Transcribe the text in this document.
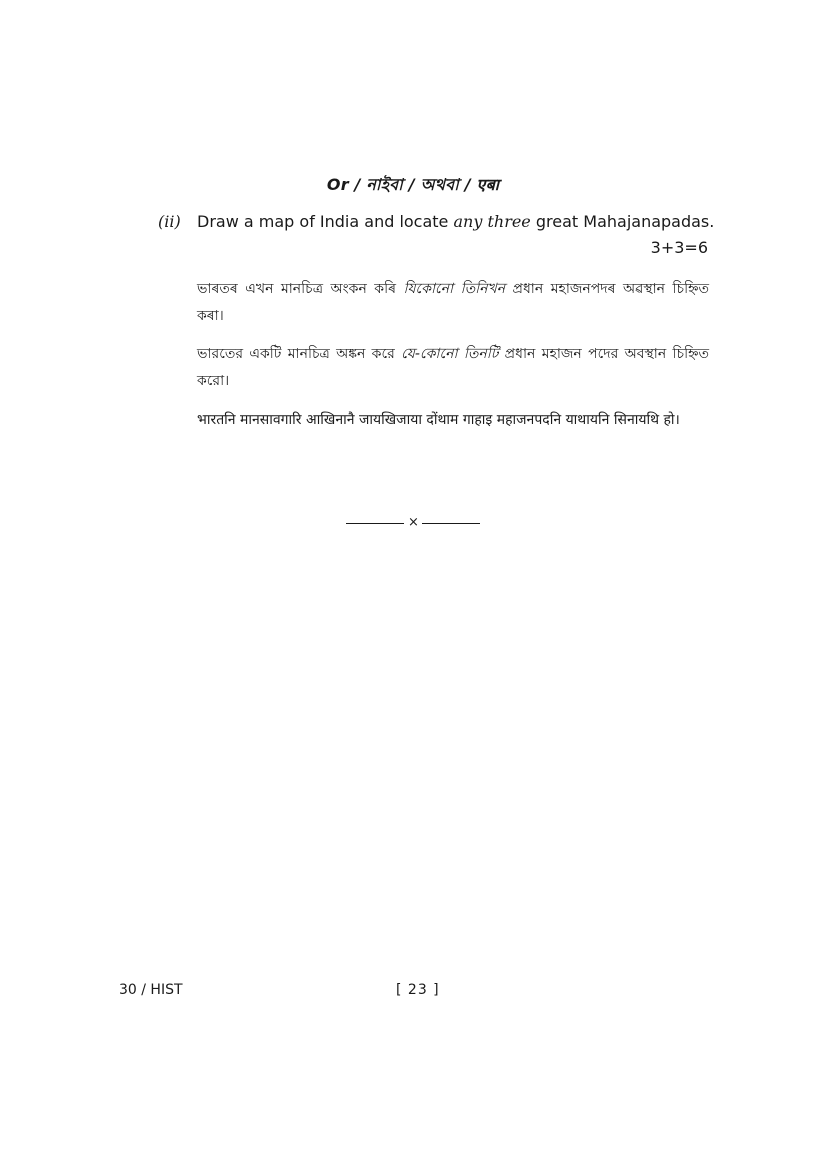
Or / নাইবা / অথবা / एबा
(ii) Draw a map of India and locate any three great Mahajanapadas.
3+3=6
ভাৰতৰ এখন মানচিত্ৰ অংকন কৰি যিকোনো তিনিখন প্ৰধান মহাজনপদৰ অৱস্থান চিহ্নিত কৰা।
ভারতের একটি মানচিত্র অঙ্কন করে যে-কোনো তিনটি প্রধান মহাজন পদের অবস্থান চিহ্নিত করো।
भारतनि मानसावगारि आखिनानै जायखिजाया दोंथाम गाहाइ महाजनपदनि याथायनि सिनायथि हो।
×
30 / HIST	[ 23 ]
